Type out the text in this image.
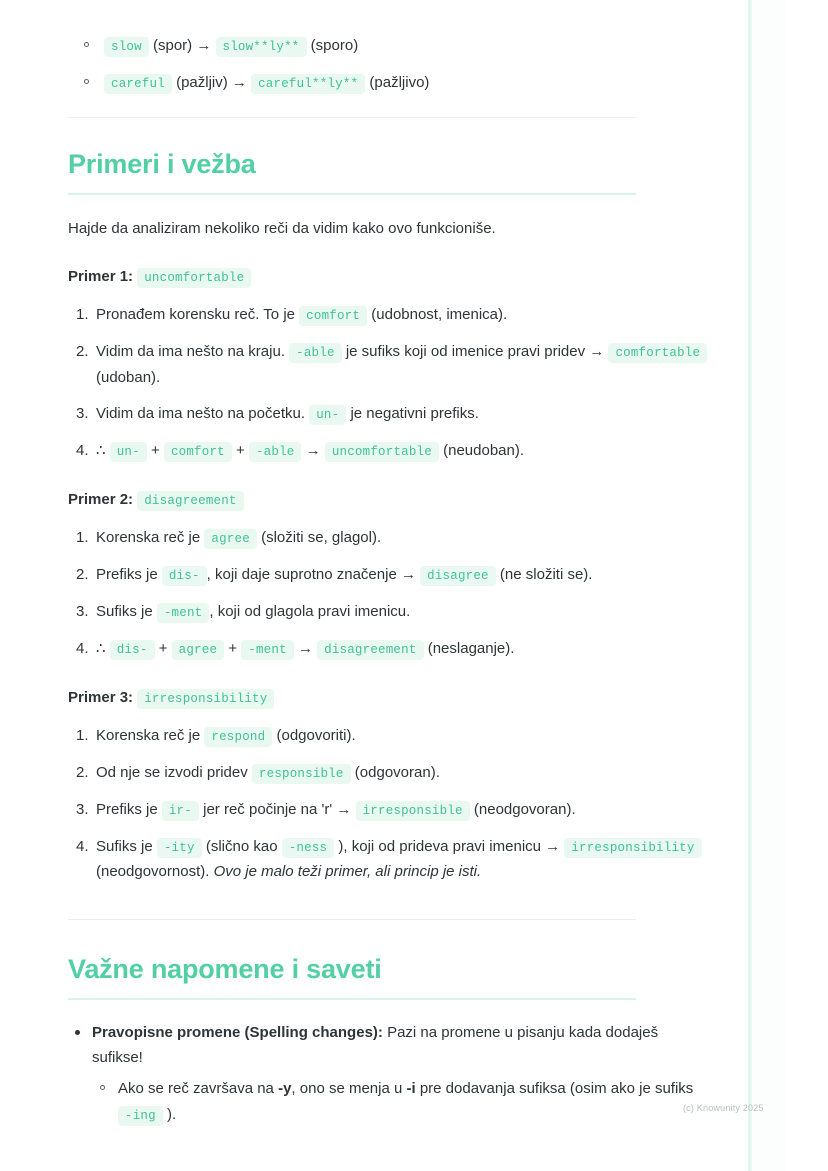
slow (spor) → slow**ly** (sporo)
careful (pažljiv) → careful**ly** (pažljivo)
Primeri i vežba

Hajde da analiziram nekoliko reči da vidim kako ovo funkcioniše.

Primer 1: uncomfortable

Pronađem korensku reč. To je comfort (udobnost, imenica).
Vidim da ima nešto na kraju. -able je sufiks koji od imenice pravi pridev → comfortable (udoban).
Vidim da ima nešto na početku. un- je negativni prefiks.
∴ un- + comfort + -able → uncomfortable (neudoban).

Primer 2: disagreement

Korenska reč je agree (složiti se, glagol).
Prefiks je dis- , koji daje suprotno značenje → disagree (ne složiti se).
Sufiks je -ment , koji od glagola pravi imenicu.
∴ dis- + agree + -ment → disagreement (neslaganje).

Primer 3: irresponsibility

Korenska reč je respond (odgovoriti).
Od nje se izvodi pridev responsible (odgovoran).
Prefiks je ir- jer reč počinje na 'r' → irresponsible (neodgovoran).
Sufiks je -ity (slično kao -ness ), koji od prideva pravi imenicu → irresponsibility (neodgovornost). Ovo je malo teži primer, ali princip je isti.
Važne napomene i saveti
Pravopisne promene (Spelling changes): Pazi na promene u pisanju kada dodaješ sufikse!
Ako se reč završava na -y, ono se menja u -i pre dodavanja sufiksa (osim ako je sufiks -ing ).	(c) Knowunity 2025
